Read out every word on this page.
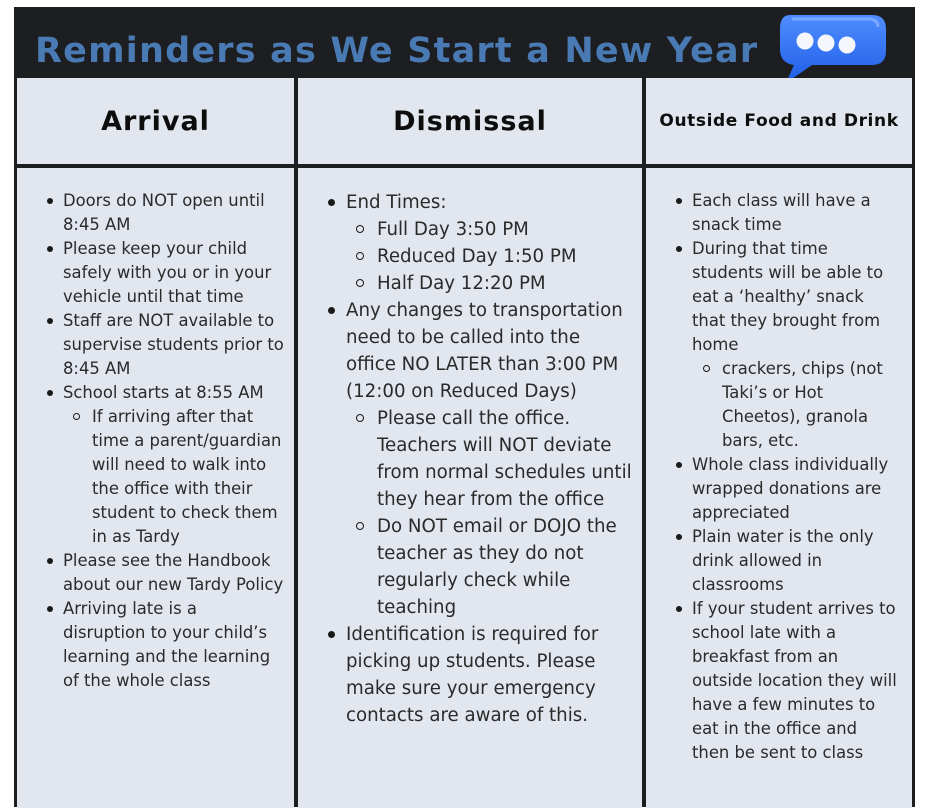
Reminders as We Start a New Year
Arrival	Dismissal	Outside Food and Drink
Doors do NOT open until 8:45 AM
Please keep your child safely with you or in your vehicle until that time
Staff are NOT available to supervise students prior to 8:45 AM
School starts at 8:55 AM
If arriving after that time a parent/guardian will need to walk into the office with their student to check them in as Tardy
Please see the Handbook about our new Tardy Policy
Arriving late is a disruption to your child’s learning and the learning of the whole class
End Times:
Full Day 3:50 PM
Reduced Day 1:50 PM
Half Day 12:20 PM
Any changes to transportation need to be called into the office NO LATER than 3:00 PM (12:00 on Reduced Days)
Please call the office. Teachers will NOT deviate from normal schedules until they hear from the office
Do NOT email or DOJO the teacher as they do not regularly check while teaching
Identification is required for picking up students. Please make sure your emergency contacts are aware of this.
Each class will have a snack time
During that time students will be able to eat a ‘healthy’ snack that they brought from home
crackers, chips (not Taki’s or Hot Cheetos), granola bars, etc.
Whole class individually wrapped donations are appreciated
Plain water is the only drink allowed in classrooms
If your student arrives to school late with a breakfast from an outside location they will have a few minutes to eat in the office and then be sent to class
